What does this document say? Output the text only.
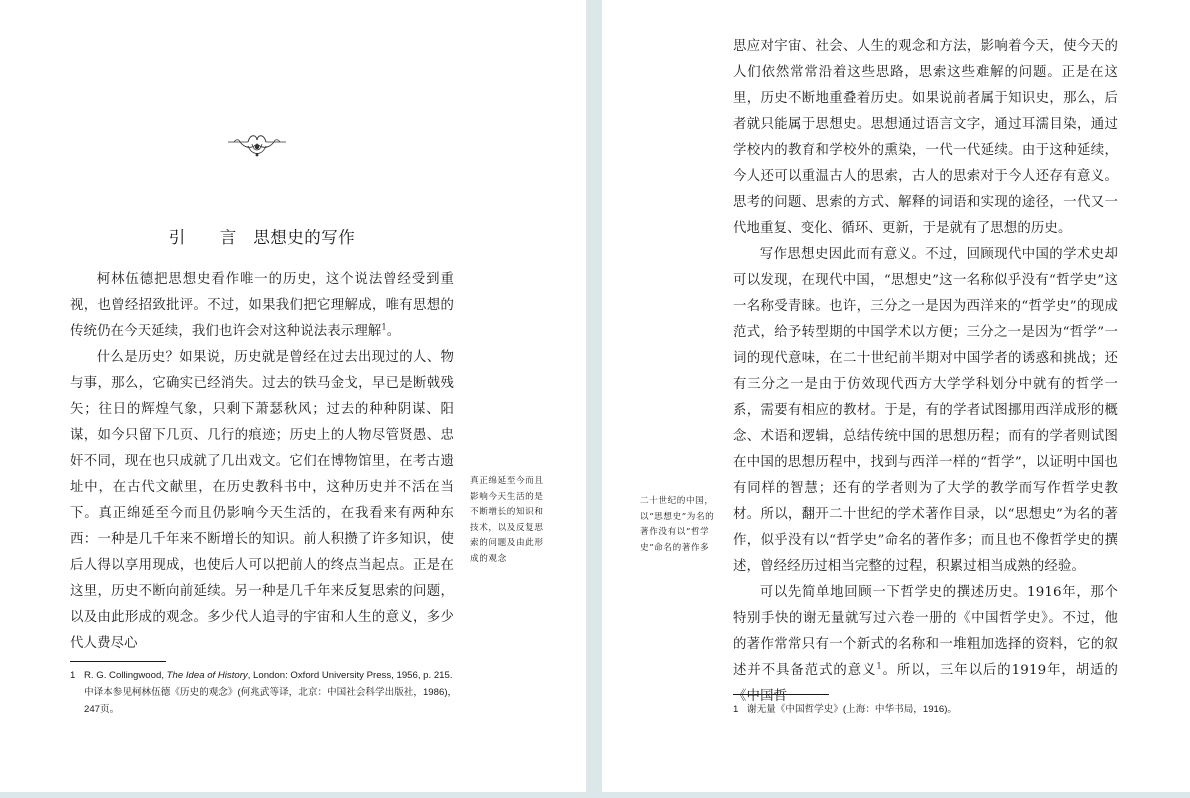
引　言 思想史的写作

柯林伍德把思想史看作唯一的历史，这个说法曾经受到重视，也曾经招致批评。不过，如果我们把它理解成，唯有思想的传统仍在今天延续，我们也许会对这种说法表示理解$^1$。

什么是历史？如果说，历史就是曾经在过去出现过的人、物与事，那么，它确实已经消失。过去的铁马金戈，早已是断戟残矢；往日的辉煌气象，只剩下萧瑟秋风；过去的种种阴谋、阳谋，如今只留下几页、几行的痕迹；历史上的人物尽管贤愚、忠奸不同，现在也只成就了几出戏文。它们在博物馆里，在考古遗址中，在古代文献里，在历史教科书中，这种历史并不活在当下。真正绵延至今而且仍影响今天生活的，在我看来有两种东西：一种是几千年来不断增长的知识。前人积攒了许多知识，使后人得以享用现成，也使后人可以把前人的终点当起点。正是在这里，历史不断向前延续。另一种是几千年来反复思索的问题，以及由此形成的观念。多少代人追寻的宇宙和人生的意义，多少代人费尽心

真正绵延至今而且影响今天生活的是不断增长的知识和技术，以及反复思索的问题及由此形成的观念
1 R. G. Collingwood, The Idea of History, London: Oxford University Press, 1956, p. 215. 中译本参见柯林伍德《历史的观念》(何兆武等译，北京：中国社会科学出版社，1986)，247页。

思应对宇宙、社会、人生的观念和方法，影响着今天，使今天的人们依然常常沿着这些思路，思索这些难解的问题。正是在这里，历史不断地重叠着历史。如果说前者属于知识史，那么，后者就只能属于思想史。思想通过语言文字，通过耳濡目染，通过学校内的教育和学校外的熏染，一代一代延续。由于这种延续，今人还可以重温古人的思索，古人的思索对于今人还存有意义。思考的问题、思索的方式、解释的词语和实现的途径，一代又一代地重复、变化、循环、更新，于是就有了思想的历史。

写作思想史因此而有意义。不过，回顾现代中国的学术史却可以发现，在现代中国，“思想史”这一名称似乎没有“哲学史”这一名称受青睐。也许，三分之一是因为西洋来的“哲学史”的现成范式，给予转型期的中国学术以方便；三分之一是因为“哲学”一词的现代意味，在二十世纪前半期对中国学者的诱惑和挑战；还有三分之一是由于仿效现代西方大学学科划分中就有的哲学一系，需要有相应的教材。于是，有的学者试图挪用西洋成形的概念、术语和逻辑，总结传统中国的思想历程；而有的学者则试图在中国的思想历程中，找到与西洋一样的“哲学”，以证明中国也有同样的智慧；还有的学者则为了大学的教学而写作哲学史教材。所以，翻开二十世纪的学术著作目录，以“思想史”为名的著作，似乎没有以“哲学史”命名的著作多；而且也不像哲学史的撰述，曾经经历过相当完整的过程，积累过相当成熟的经验。

可以先简单地回顾一下哲学史的撰述历史。1916年，那个特别手快的谢无量就写过六卷一册的《中国哲学史》。不过，他的著作常常只有一个新式的名称和一堆粗加选择的资料，它的叙述并不具备范式的意义$^1$。所以，三年以后的1919年，胡适的《中国哲

二十世纪的中国，以“思想史”为名的著作没有以“哲学史”命名的著作多
1 谢无量《中国哲学史》(上海：中华书局，1916)。
